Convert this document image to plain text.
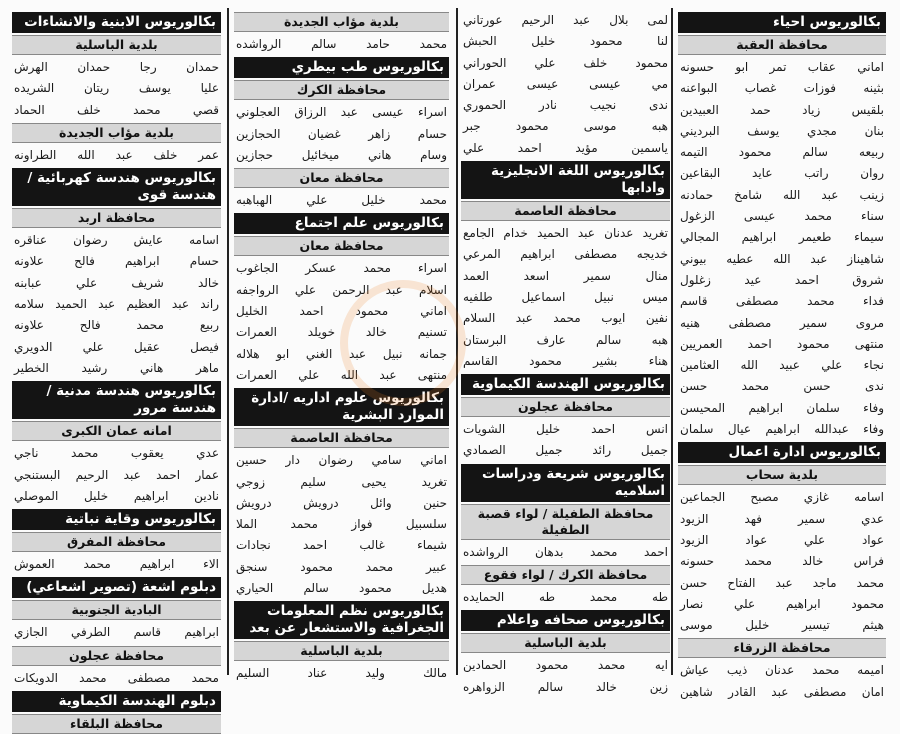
بكالوريوس احياء
محافظة العقبة
اماني عقاب تمر ابو حسونه
بثينه فوزات غصاب البواعنه
بلقيس زياد حمد العبيدين
بنان مجدي يوسف البرديني
ربيعه سالم محمود التيمه
روان راتب عايد البقاعين
زينب عبد الله شامخ حمادنه
سناء محمد عيسى الزغول
سيماء طعيمر ابراهيم المجالي
شاهيناز عبد الله عطيه بيوني
شروق احمد عيد زغلول
فداء محمد مصطفى قاسم
مروى سمير مصطفى هنيه
منتهى محمود احمد العمريين
نجاء علي عبيد الله العثامين
ندى حسن محمد حسن
وفاء سلمان ابراهيم المحيسن
وفاء عبدالله ابراهيم عيال سلمان
بكالوريوس ادارة اعمال
بلدية سحاب
اسامه غازي مصبح الجماعين
عدي سمير فهد الزيود
عواد علي عواد الزيود
فراس خالد محمد حسونه
محمد ماجد عبد الفتاح حسن
محمود ابراهيم علي نصار
هيثم تيسير خليل موسى
محافظة الزرقاء
اميمه محمد عدنان ذيب عياش
امان مصطفى عبد القادر شاهين
لمى بلال عبد الرحيم عورتاني
لنا محمود خليل الحبش
محمود خلف علي الحوراني
مي عيسى عيسى عمران
ندى نجيب نادر الحموري
هبه موسى محمود جبر
ياسمين مؤيد احمد علي
بكالوريوس اللغة الانجليزية وادابها
محافظة العاصمة
تغريد عدنان عبد الحميد خدام الجامع
خديجه مصطفى ابراهيم المرعي
منال سمير اسعد العمد
ميس نبيل اسماعيل طلفيه
نفين ايوب محمد عبد السلام
هبه سالم عارف البرستان
هناء بشير محمود القاسم
بكالوريوس الهندسة الكيماوية
محافظة عجلون
انس احمد خليل الشويات
جميل رائد جميل الصمادي
بكالوريوس شريعة ودراسات اسلاميه
محافظة الطفيلة / لواء قصبة الطفيلة
احمد محمد بدهان الرواشده
محافظة الكرك / لواء فقوع
طه محمد طه الحمايده
بكالوريوس صحافه واعلام
بلدية الباسلية
ايه محمد محمود الحمادين
زين خالد سالم الزواهره
بلدية مؤاب الجديدة
محمد حامد سالم الرواشده
بكالوريوس طب بيطري
محافظة الكرك
اسراء عيسى عبد الرزاق العجلوني
حسام زاهر غضيان الحجازين
وسام هاني ميخائيل حجازين
محافظة معان
محمد خليل علي الهباهبه
بكالوريوس علم اجتماع
محافظة معان
اسراء محمد عسكر الجاغوب
اسلام عبد الرحمن علي الرواجفه
اماني محمود احمد الخليل
تسنيم خالد خويلد العمرات
جمانه نبيل عبد الغني ابو هلاله
منتهى عبد الله علي العمرات
بكالوريوس علوم اداريه /ادارة الموارد البشرية
محافظة العاصمة
اماني سامي رضوان دار حسين
تغريد يحيى سليم زوجي
حنين وائل درويش درويش
سلسبيل فواز محمد الملا
شيماء غالب احمد نجادات
عبير محمد محمود سنجق
هديل محمود سالم الحياري
بكالوريوس نظم المعلومات الجغرافية والاستشعار عن بعد
بلدية الباسلية
مالك وليد عناد السليم
بكالوريوس الابنية والانشاءات
بلدية الباسلية
حمدان رجا حمدان الهرش
عليا يوسف ريتان الشريده
قصي محمد خلف الحماد
بلدية مؤاب الجديدة
عمر خلف عبد الله الطراونه
بكالوريوس هندسة كهربائية / هندسة قوى
محافظة اربد
اسامه عايش رضوان عناقره
حسام ابراهيم فالح علاونه
خالد شريف علي عبابنه
راند عبد العظيم عبد الحميد سلامه
ربيع محمد فالح علاونه
فيصل عقيل علي الدويري
ماهر هاني رشيد الخطير
بكالوريوس هندسة مدنية / هندسة مرور
امانه عمان الكبرى
عدي يعقوب محمد ناجي
عمار احمد عبد الرحيم البستنجي
نادين ابراهيم خليل الموصلي
بكالوريوس وقاية نباتية
محافظة المفرق
الاء ابراهيم محمد العموش
دبلوم اشعة (تصوير اشعاعي)
البادية الجنوبية
ابراهيم قاسم الطرفي الجازي
محافظة عجلون
محمد مصطفى محمد الدويكات
دبلوم الهندسة الكيماوية
محافظة البلقاء
